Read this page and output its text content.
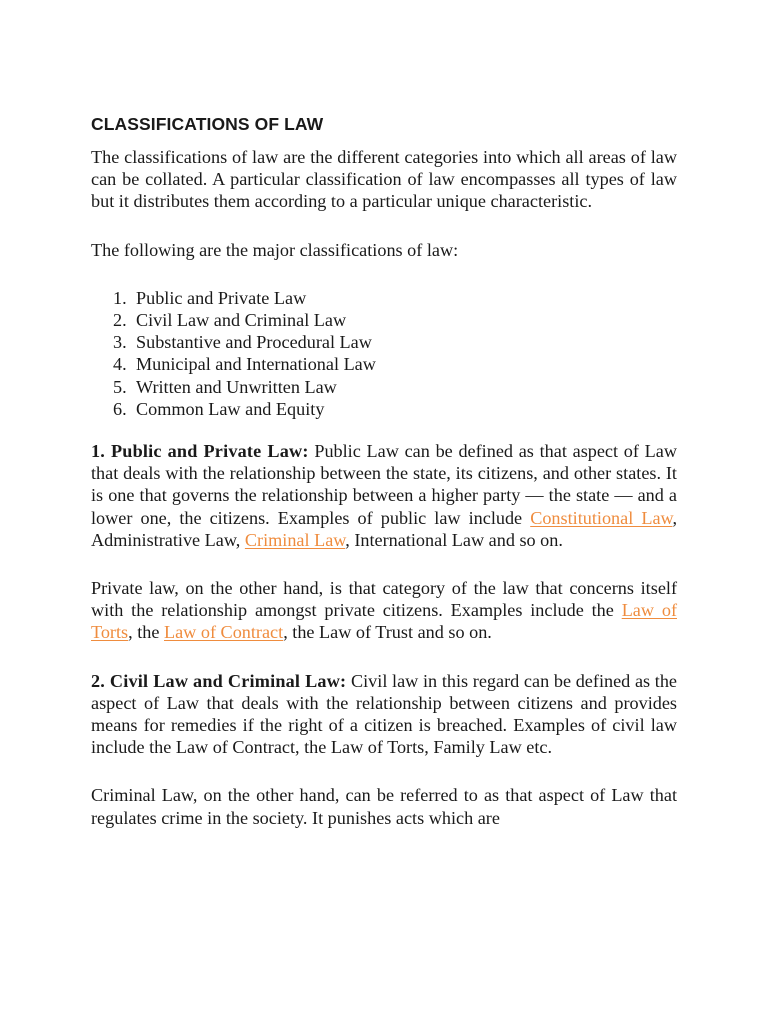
CLASSIFICATIONS OF LAW

The classifications of law are the different categories into which all areas of law can be collated. A particular classification of law encompasses all types of law but it distributes them according to a particular unique characteristic.

The following are the major classifications of law:

1. Public and Private Law
2. Civil Law and Criminal Law
3. Substantive and Procedural Law
4. Municipal and International Law
5. Written and Unwritten Law
6. Common Law and Equity

1. Public and Private Law: Public Law can be defined as that aspect of Law that deals with the relationship between the state, its citizens, and other states. It is one that governs the relationship between a higher party — the state — and a lower one, the citizens. Examples of public law include Constitutional Law, Administrative Law, Criminal Law, International Law and so on.

Private law, on the other hand, is that category of the law that concerns itself with the relationship amongst private citizens. Examples include the Law of Torts, the Law of Contract, the Law of Trust and so on.

2. Civil Law and Criminal Law: Civil law in this regard can be defined as the aspect of Law that deals with the relationship between citizens and provides means for remedies if the right of a citizen is breached. Examples of civil law include the Law of Contract, the Law of Torts, Family Law etc.

Criminal Law, on the other hand, can be referred to as that aspect of Law that regulates crime in the society. It punishes acts which are
